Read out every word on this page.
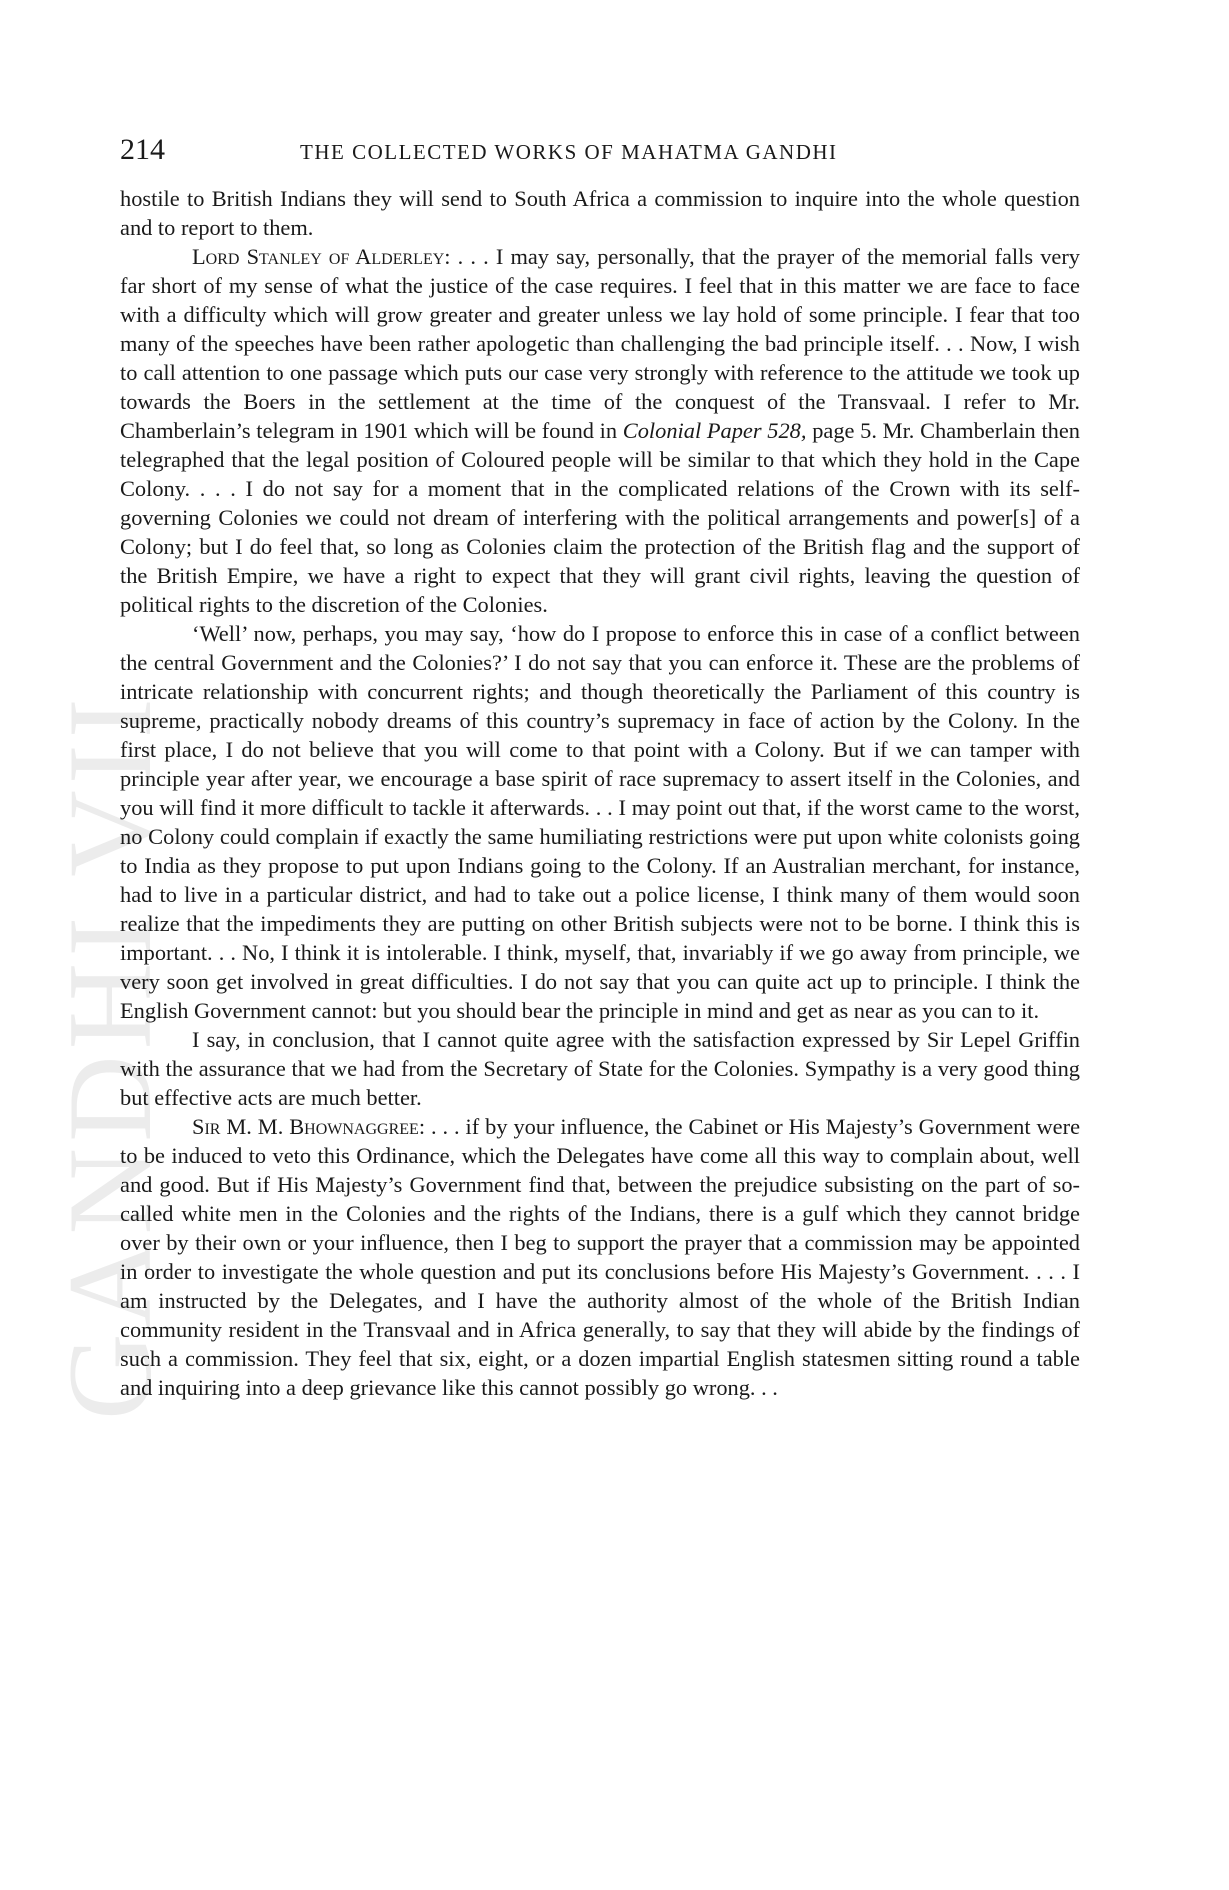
GANDHI VII
214	THE COLLECTED WORKS OF MAHATMA GANDHI

hostile to British Indians they will send to South Africa a commission to inquire into the whole question and to report to them.

Lord Stanley of Alderley: . . . I may say, personally, that the prayer of the memorial falls very far short of my sense of what the justice of the case requires. I feel that in this matter we are face to face with a difficulty which will grow greater and greater unless we lay hold of some principle. I fear that too many of the speeches have been rather apologetic than challenging the bad principle itself. . . Now, I wish to call attention to one passage which puts our case very strongly with reference to the attitude we took up towards the Boers in the settlement at the time of the conquest of the Transvaal. I refer to Mr. Chamberlain’s telegram in 1901 which will be found in Colonial Paper 528, page 5. Mr. Chamberlain then telegraphed that the legal position of Coloured people will be similar to that which they hold in the Cape Colony. . . . I do not say for a moment that in the complicated relations of the Crown with its self-governing Colonies we could not dream of interfering with the political arrangements and power[s] of a Colony; but I do feel that, so long as Colonies claim the protection of the British flag and the support of the British Empire, we have a right to expect that they will grant civil rights, leaving the question of political rights to the discretion of the Colonies.

‘Well’ now, perhaps, you may say, ‘how do I propose to enforce this in case of a conflict between the central Government and the Colonies?’ I do not say that you can enforce it. These are the problems of intricate relationship with concurrent rights; and though theoretically the Parliament of this country is supreme, practically nobody dreams of this country’s supremacy in face of action by the Colony. In the first place, I do not believe that you will come to that point with a Colony. But if we can tamper with principle year after year, we encourage a base spirit of race supremacy to assert itself in the Colonies, and you will find it more difficult to tackle it afterwards. . . I may point out that, if the worst came to the worst, no Colony could complain if exactly the same humiliating restrictions were put upon white colonists going to India as they propose to put upon Indians going to the Colony. If an Australian merchant, for instance, had to live in a particular district, and had to take out a police license, I think many of them would soon realize that the impediments they are putting on other British subjects were not to be borne. I think this is important. . . No, I think it is intolerable. I think, myself, that, invariably if we go away from principle, we very soon get involved in great difficulties. I do not say that you can quite act up to principle. I think the English Government cannot: but you should bear the principle in mind and get as near as you can to it.

I say, in conclusion, that I cannot quite agree with the satisfaction expressed by Sir Lepel Griffin with the assurance that we had from the Secretary of State for the Colonies. Sympathy is a very good thing but effective acts are much better.

Sir M. M. Bhownaggree: . . . if by your influence, the Cabinet or His Majesty’s Government were to be induced to veto this Ordinance, which the Delegates have come all this way to complain about, well and good. But if His Majesty’s Government find that, between the prejudice subsisting on the part of so-called white men in the Colonies and the rights of the Indians, there is a gulf which they cannot bridge over by their own or your influence, then I beg to support the prayer that a commission may be appointed in order to investigate the whole question and put its conclusions before His Majesty’s Government. . . . I am instructed by the Delegates, and I have the authority almost of the whole of the British Indian community resident in the Transvaal and in Africa generally, to say that they will abide by the findings of such a commission. They feel that six, eight, or a dozen impartial English statesmen sitting round a table and inquiring into a deep grievance like this cannot possibly go wrong. . .
